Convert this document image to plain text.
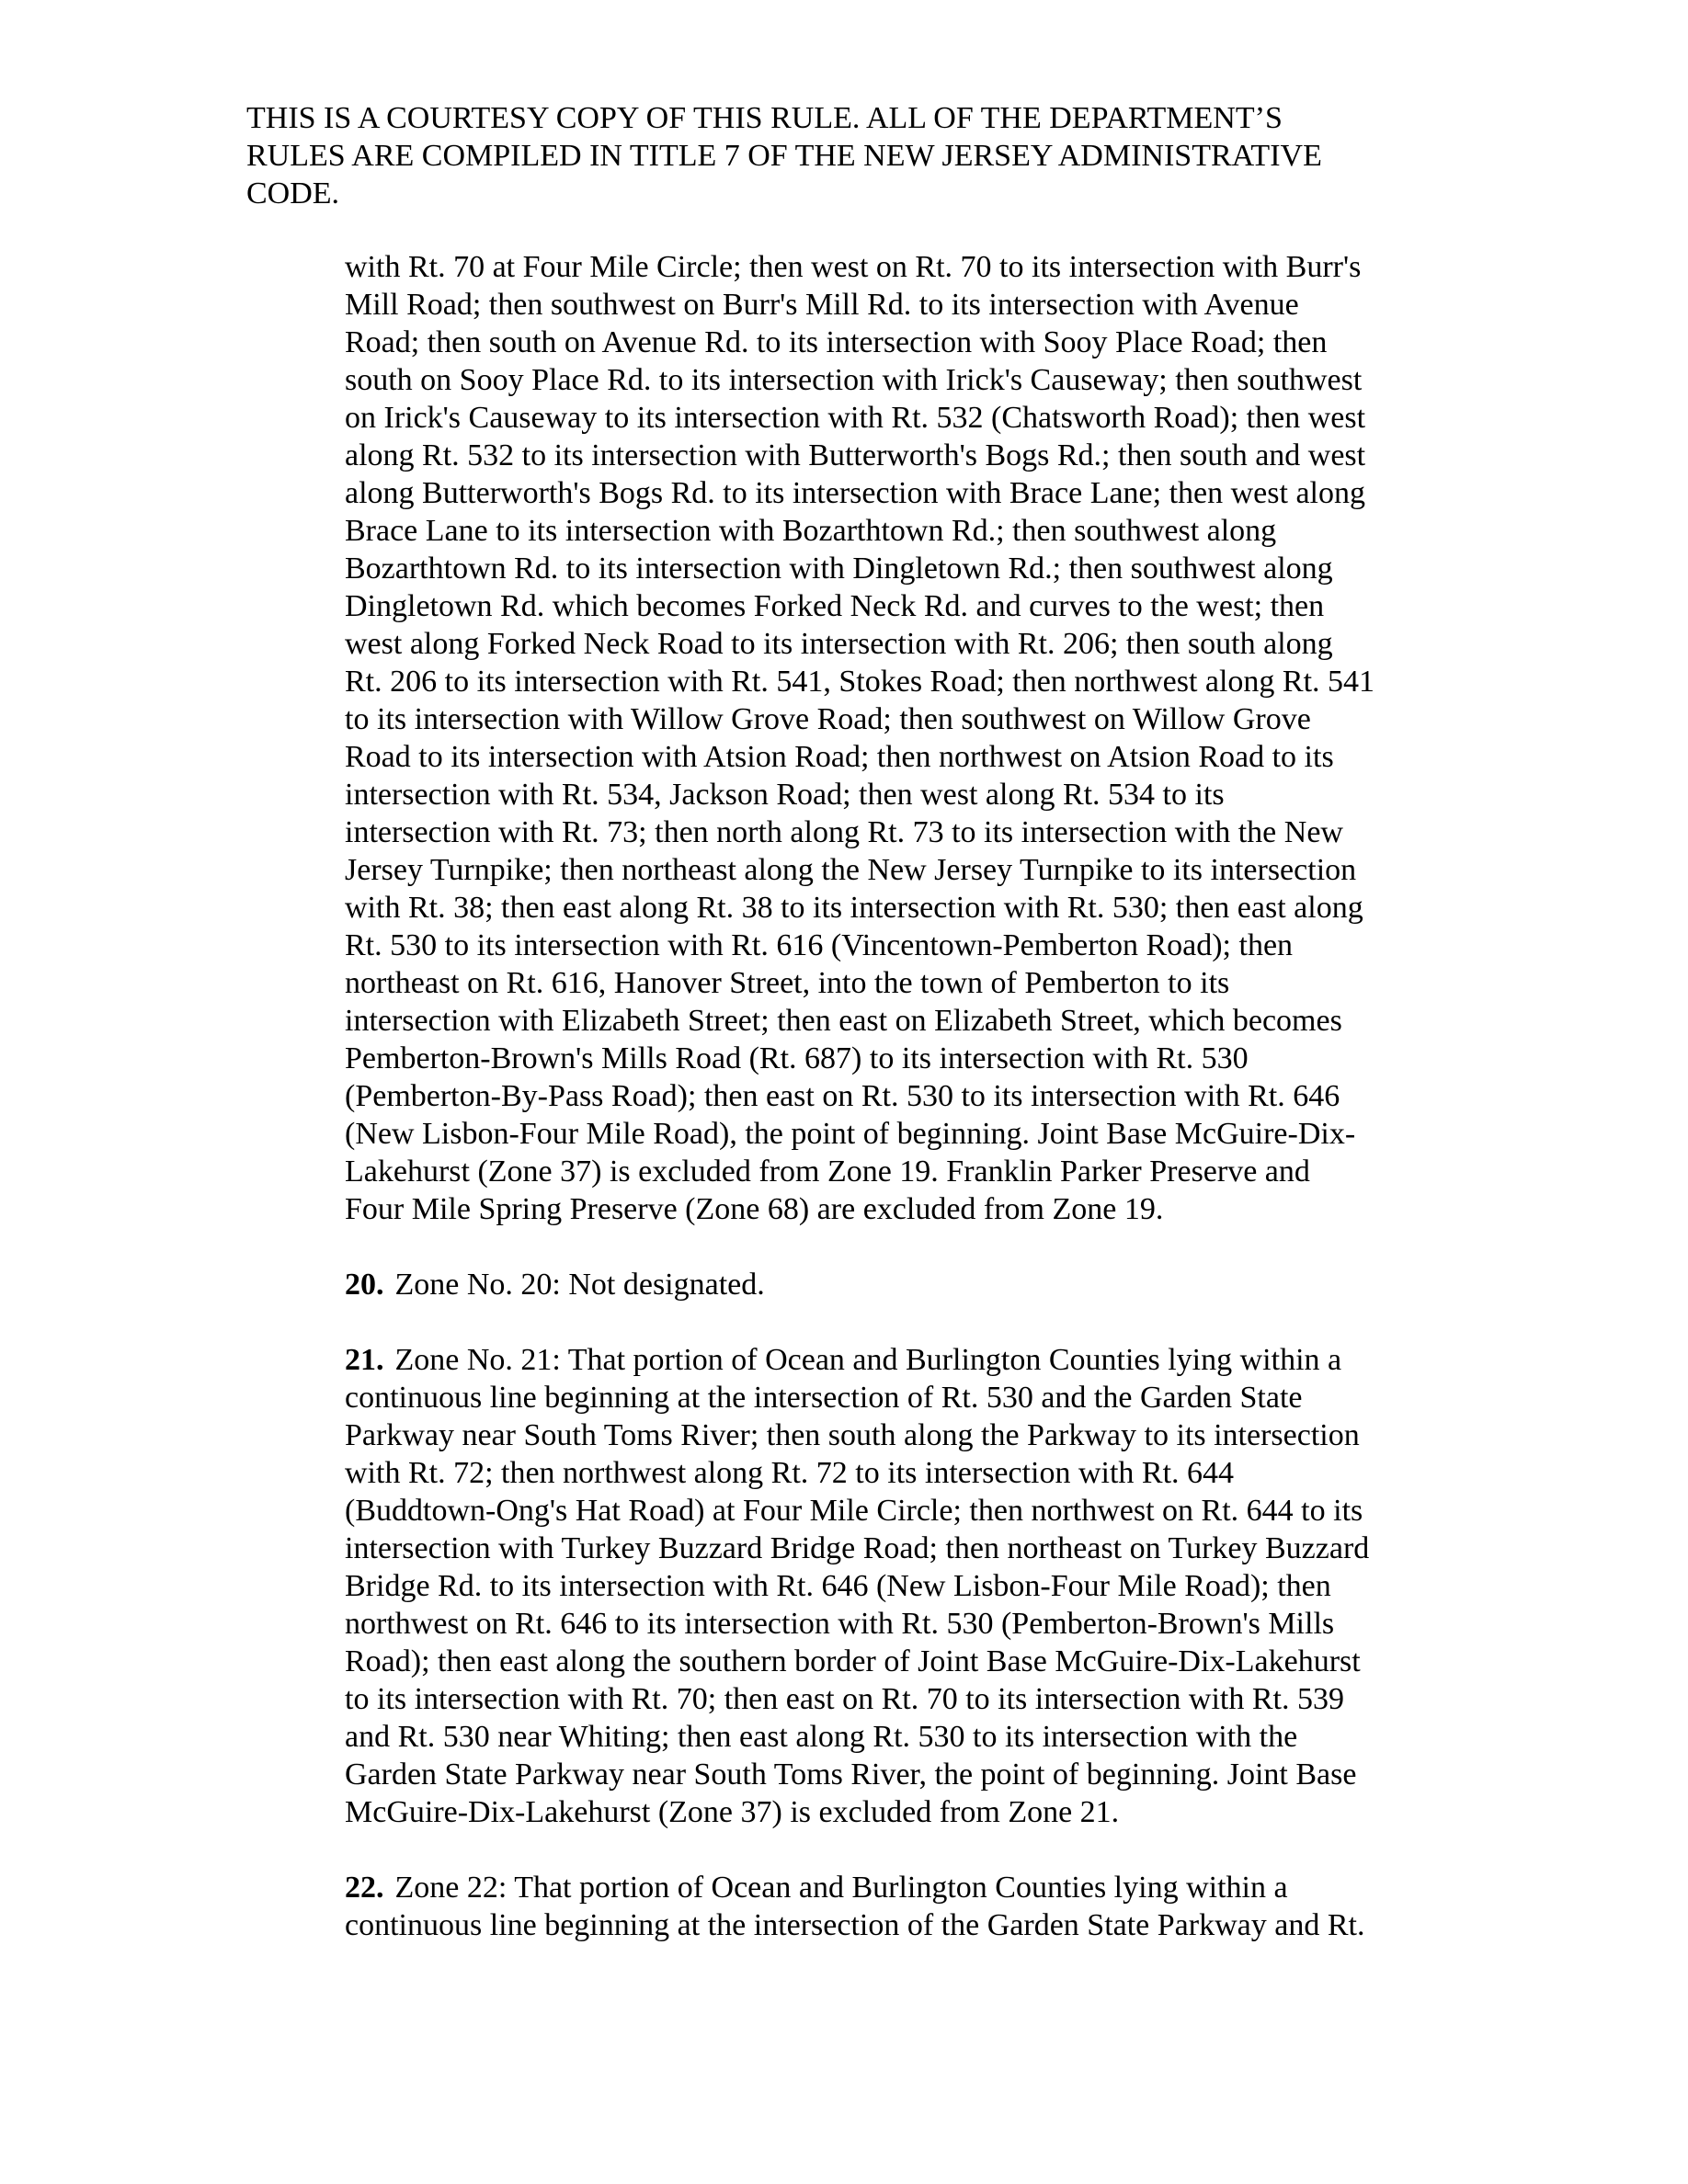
THIS IS A COURTESY COPY OF THIS RULE. ALL OF THE DEPARTMENT’S
RULES ARE COMPILED IN TITLE 7 OF THE NEW JERSEY ADMINISTRATIVE
CODE.

with Rt. 70 at Four Mile Circle; then west on Rt. 70 to its intersection with Burr's
Mill Road; then southwest on Burr's Mill Rd. to its intersection with Avenue
Road; then south on Avenue Rd. to its intersection with Sooy Place Road; then
south on Sooy Place Rd. to its intersection with Irick's Causeway; then southwest
on Irick's Causeway to its intersection with Rt. 532 (Chatsworth Road); then west
along Rt. 532 to its intersection with Butterworth's Bogs Rd.; then south and west
along Butterworth's Bogs Rd. to its intersection with Brace Lane; then west along
Brace Lane to its intersection with Bozarthtown Rd.; then southwest along
Bozarthtown Rd. to its intersection with Dingletown Rd.; then southwest along
Dingletown Rd. which becomes Forked Neck Rd. and curves to the west; then
west along Forked Neck Road to its intersection with Rt. 206; then south along
Rt. 206 to its intersection with Rt. 541, Stokes Road; then northwest along Rt. 541
to its intersection with Willow Grove Road; then southwest on Willow Grove
Road to its intersection with Atsion Road; then northwest on Atsion Road to its
intersection with Rt. 534, Jackson Road; then west along Rt. 534 to its
intersection with Rt. 73; then north along Rt. 73 to its intersection with the New
Jersey Turnpike; then northeast along the New Jersey Turnpike to its intersection
with Rt. 38; then east along Rt. 38 to its intersection with Rt. 530; then east along
Rt. 530 to its intersection with Rt. 616 (Vincentown-Pemberton Road); then
northeast on Rt. 616, Hanover Street, into the town of Pemberton to its
intersection with Elizabeth Street; then east on Elizabeth Street, which becomes
Pemberton-Brown's Mills Road (Rt. 687) to its intersection with Rt. 530
(Pemberton-By-Pass Road); then east on Rt. 530 to its intersection with Rt. 646
(New Lisbon-Four Mile Road), the point of beginning. Joint Base McGuire-Dix-
Lakehurst (Zone 37) is excluded from Zone 19. Franklin Parker Preserve and
Four Mile Spring Preserve (Zone 68) are excluded from Zone 19.

20. Zone No. 20: Not designated.

21. Zone No. 21: That portion of Ocean and Burlington Counties lying within a
continuous line beginning at the intersection of Rt. 530 and the Garden State
Parkway near South Toms River; then south along the Parkway to its intersection
with Rt. 72; then northwest along Rt. 72 to its intersection with Rt. 644
(Buddtown-Ong's Hat Road) at Four Mile Circle; then northwest on Rt. 644 to its
intersection with Turkey Buzzard Bridge Road; then northeast on Turkey Buzzard
Bridge Rd. to its intersection with Rt. 646 (New Lisbon-Four Mile Road); then
northwest on Rt. 646 to its intersection with Rt. 530 (Pemberton-Brown's Mills
Road); then east along the southern border of Joint Base McGuire-Dix-Lakehurst
to its intersection with Rt. 70; then east on Rt. 70 to its intersection with Rt. 539
and Rt. 530 near Whiting; then east along Rt. 530 to its intersection with the
Garden State Parkway near South Toms River, the point of beginning. Joint Base
McGuire-Dix-Lakehurst (Zone 37) is excluded from Zone 21.

22. Zone 22: That portion of Ocean and Burlington Counties lying within a
continuous line beginning at the intersection of the Garden State Parkway and Rt.
